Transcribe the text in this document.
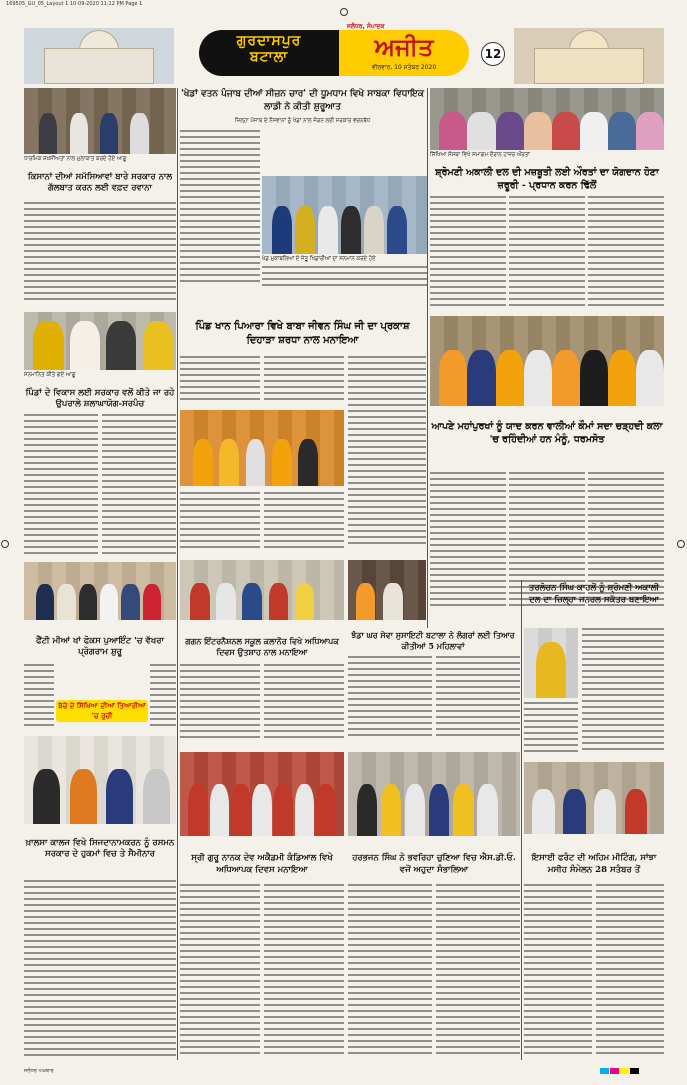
169505_GU_05_Layout 1 10-09-2020 11:12 PM Page 1
ਗੁਰਦਾਸਪੁਰ
ਬਟਾਲਾ
ਜਲੰਧਰ, ਸੰਪਾਦਕ
ਅਜੀਤ
ਵੀਰਵਾਰ, 10 ਸਤੰਬਰ 2020
12
ਧਾਰਮਿਕ ਸ਼ਖ਼ਸੀਅਤਾਂ ਨਾਲ ਮੁਲਾਕਾਤ ਕਰਦੇ ਹੋਏ ਆਗੂ
ਕਿਸਾਨਾਂ ਦੀਆਂ ਸਮੱਸਿਆਵਾਂ ਬਾਰੇ ਸਰਕਾਰ ਨਾਲ ਗੱਲਬਾਤ ਕਰਨ ਲਈ ਵਫ਼ਦ ਰਵਾਨਾ
ਸਨਮਾਨਿਤ ਕੀਤੇ ਗਏ ਆਗੂ
ਪਿੰਡਾਂ ਦੇ ਵਿਕਾਸ ਲਈ ਸਰਕਾਰ ਵਲੋਂ ਕੀਤੇ ਜਾ ਰਹੇ ਉਪਰਾਲੇ ਸ਼ਲਾਘਾਯੋਗ-ਸਰਪੰਚ
ਫੈਂਟੀ ਮੀਆਂ ਖਾਂ ਫੋਕਸ ਪੁਆਇੰਟ 'ਚ ਵੱਖਰਾ ਪ੍ਰੋਗਰਾਮ ਸ਼ੁਰੂ
ਬੱਚੇ ਦੇ ਸਿੱਖਿਆ ਦੀਆਂ ਤਿਆਰੀਆਂ 'ਚ ਰੁਚੀ
ਖ਼ਾਲਸਾ ਕਾਲਜ ਵਿਖੇ ਸਿਜਦਾਨਾਮਕਰਨ ਨੂੰ ਰਸਮਨ ਸਰਕਾਰ ਦੇ ਹੁਕਮਾਂ ਵਿਚ ਤੇ ਸੈਮੀਨਾਰ
'ਖੇਡਾਂ ਵਤਨ ਪੰਜਾਬ ਦੀਆਂ ਸੀਜ਼ਨ ਚਾਰ' ਦੀ ਧੂਮਧਾਮ ਵਿਖੇ ਸਾਬਕਾ ਵਿਧਾਇਕ ਲਾਡੀ ਨੇ ਕੀਤੀ ਸ਼ੁਰੂਆਤ
ਜ਼ਿਲ੍ਹਾ ਪੰਜਾਬ ਦੇ ਨੌਜਵਾਨਾਂ ਨੂੰ ਖੇਡਾਂ ਨਾਲ ਜੋੜਨ ਲਈ ਸਰਕਾਰ ਵਚਨਬੱਧ
ਖੇਡ ਮੁਕਾਬਲਿਆਂ ਦੇ ਜੇਤੂ ਖਿਡਾਰੀਆਂ ਦਾ ਸਨਮਾਨ ਕਰਦੇ ਹੋਏ
ਪਿੰਡ ਖਾਨ ਪਿਆਰਾ ਵਿਖੇ ਬਾਬਾ ਜੀਵਨ ਸਿੰਘ ਜੀ ਦਾ ਪ੍ਰਕਾਸ਼ ਦਿਹਾੜਾ ਸ਼ਰਧਾ ਨਾਲ ਮਨਾਇਆ
ਗਗਨ ਇੰਟਰਨੈਸ਼ਨਲ ਸਕੂਲ ਕਲਾਨੌਰ ਵਿਖੇ ਅਧਿਆਪਕ ਦਿਵਸ ਉਤਸ਼ਾਹ ਨਾਲ ਮਨਾਇਆ
ਝੰਡਾ ਘਰ ਸੇਵਾ ਸੁਸਾਇਟੀ ਬਟਾਲਾ ਨੇ ਲੰਗਰਾਂ ਲਈ ਤਿਆਰ ਕੀਤੀਆਂ 5 ਮਹਿਲਾਵਾਂ
ਸ੍ਰੀ ਗੁਰੂ ਨਾਨਕ ਦੇਵ ਅਕੈਡਮੀ ਕੰਡਿਆਲ ਵਿਖੇ ਅਧਿਆਪਕ ਦਿਵਸ ਮਨਾਇਆ
ਹਰਭਜਨ ਸਿੰਘ ਨੇ ਭਵਰਿਹਾ ਚੁਣਿਆ ਵਿਚ ਐਸ.ਡੀ.ਓ. ਵਜੋਂ ਅਹੁਦਾ ਸੰਭਾਲਿਆ
ਸਿੱਖਿਆ ਸੰਸਥਾ ਵਿਖੇ ਸਮਾਗਮ ਦੌਰਾਨ ਹਾਜ਼ਰ ਔਰਤਾਂ
ਸ਼੍ਰੋਮਣੀ ਅਕਾਲੀ ਦਲ ਦੀ ਮਜ਼ਬੂਤੀ ਲਈ ਔਰਤਾਂ ਦਾ ਯੋਗਦਾਨ ਹੋਣਾ ਜ਼ਰੂਰੀ - ਪ੍ਰਧਾਨ ਕਰਨ ਢਿੱਲੋਂ
ਆਪਣੇ ਮਹਾਂਪੁਰਖਾਂ ਨੂੰ ਯਾਦ ਕਰਨ ਵਾਲੀਆਂ ਕੌਮਾਂ ਸਦਾ ਚੜ੍ਹਦੀ ਕਲਾ 'ਚ ਰਹਿੰਦੀਆਂ ਹਨ ਮੰਨੂੰ, ਧਰਮਸੋਤ
ਤਰਲੋਚਨ ਸਿੰਘ ਕਾਹਲੋਂ ਨੂੰ ਸ਼੍ਰੋਮਣੀ ਅਕਾਲੀ ਦਲ ਦਾ ਜ਼ਿਲ੍ਹਾ ਜਨਰਲ ਸਕੱਤਰ ਬਣਾਇਆ
ਇਸਾਈ ਫਰੰਟ ਦੀ ਅਹਿਮ ਮੀਟਿੰਗ, ਸਾਂਝਾ ਮਸੀਹ ਸੰਮੇਲਨ 28 ਸਤੰਬਰ ਤੋਂ
ਜਲੰਧਰ ਅਖ਼ਬਾਰ
